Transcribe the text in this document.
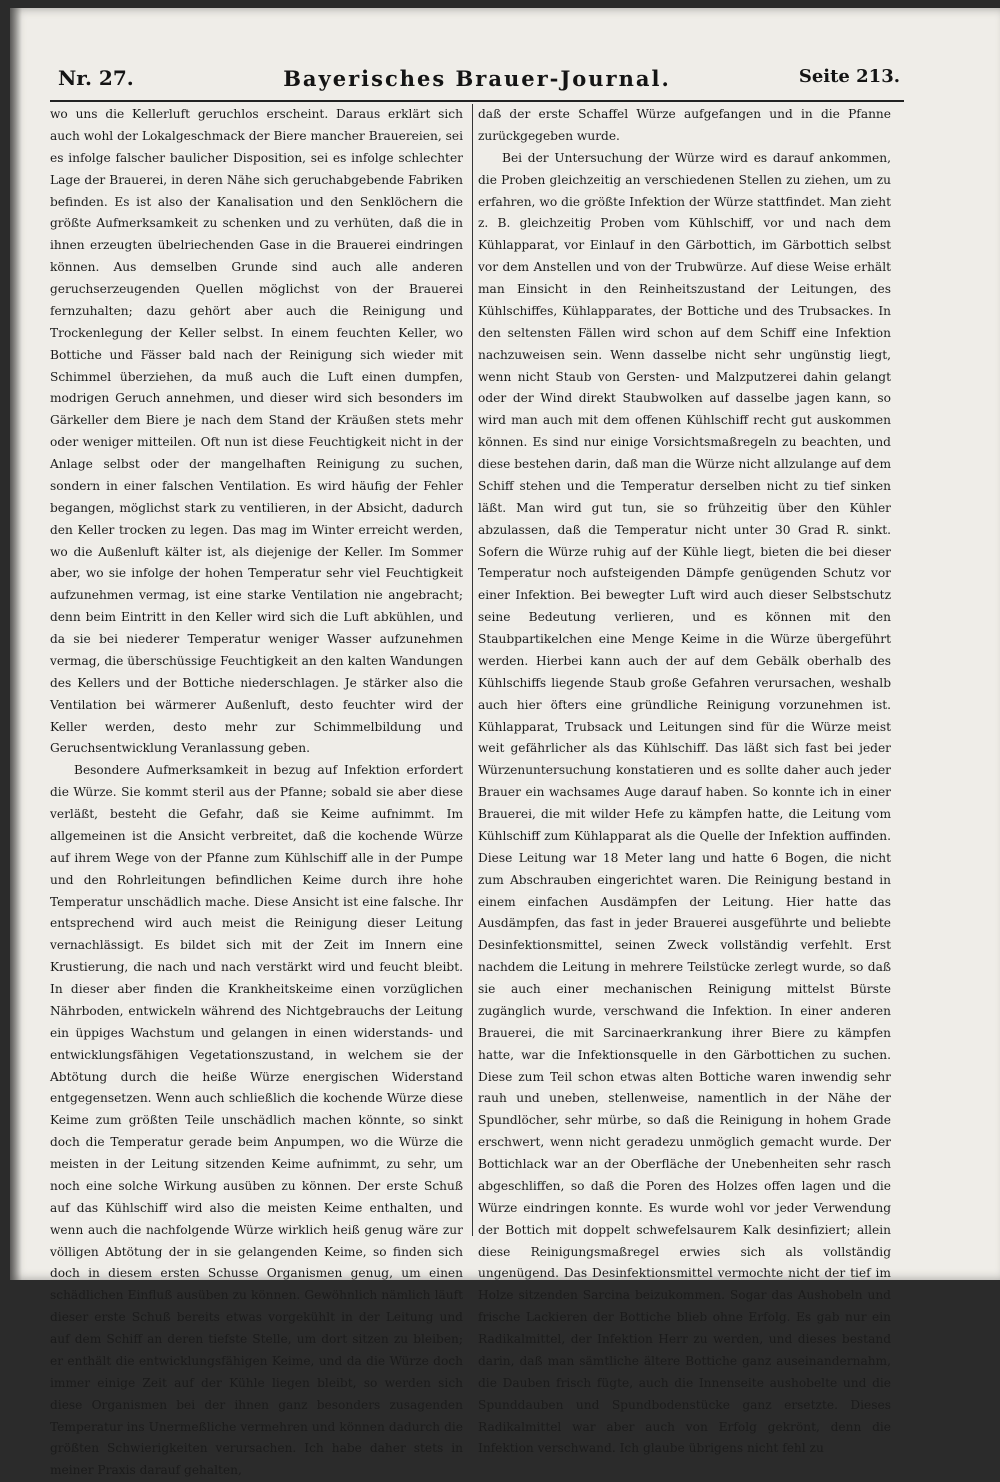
Nr. 27.	Bayerisches Brauer-Journal.	Seite 213.

wo uns die Kellerluft geruchlos erscheint. Daraus erklärt sich auch wohl der Lokalgeschmack der Biere mancher Brauereien, sei es infolge falscher baulicher Disposition, sei es infolge schlechter Lage der Brauerei, in deren Nähe sich geruchabgebende Fabriken befinden. Es ist also der Kanalisation und den Senklöchern die größte Aufmerksamkeit zu schenken und zu verhüten, daß die in ihnen erzeugten übelriechenden Gase in die Brauerei eindringen können. Aus demselben Grunde sind auch alle anderen geruchserzeugenden Quellen möglichst von der Brauerei fernzuhalten; dazu gehört aber auch die Reinigung und Trockenlegung der Keller selbst. In einem feuchten Keller, wo Bottiche und Fässer bald nach der Reinigung sich wieder mit Schimmel überziehen, da muß auch die Luft einen dumpfen, modrigen Geruch annehmen, und dieser wird sich besonders im Gärkeller dem Biere je nach dem Stand der Kräußen stets mehr oder weniger mitteilen. Oft nun ist diese Feuchtigkeit nicht in der Anlage selbst oder der mangelhaften Reinigung zu suchen, sondern in einer falschen Ventilation. Es wird häufig der Fehler begangen, möglichst stark zu ventilieren, in der Absicht, dadurch den Keller trocken zu legen. Das mag im Winter erreicht werden, wo die Außenluft kälter ist, als diejenige der Keller. Im Sommer aber, wo sie infolge der hohen Temperatur sehr viel Feuchtigkeit aufzunehmen vermag, ist eine starke Ventilation nie angebracht; denn beim Eintritt in den Keller wird sich die Luft abkühlen, und da sie bei niederer Temperatur weniger Wasser aufzunehmen vermag, die überschüssige Feuchtigkeit an den kalten Wandungen des Kellers und der Bottiche niederschlagen. Je stärker also die Ventilation bei wärmerer Außenluft, desto feuchter wird der Keller werden, desto mehr zur Schimmelbildung und Geruchsentwicklung Veranlassung geben.

Besondere Aufmerksamkeit in bezug auf Infektion erfordert die Würze. Sie kommt steril aus der Pfanne; sobald sie aber diese verläßt, besteht die Gefahr, daß sie Keime aufnimmt. Im allgemeinen ist die Ansicht verbreitet, daß die kochende Würze auf ihrem Wege von der Pfanne zum Kühlschiff alle in der Pumpe und den Rohrleitungen befindlichen Keime durch ihre hohe Temperatur unschädlich mache. Diese Ansicht ist eine falsche. Ihr entsprechend wird auch meist die Reinigung dieser Leitung vernachlässigt. Es bildet sich mit der Zeit im Innern eine Krustierung, die nach und nach verstärkt wird und feucht bleibt. In dieser aber finden die Krankheitskeime einen vorzüglichen Nährboden, entwickeln während des Nichtgebrauchs der Leitung ein üppiges Wachstum und gelangen in einen widerstands- und entwicklungsfähigen Vegetationszustand, in welchem sie der Abtötung durch die heiße Würze energischen Widerstand entgegensetzen. Wenn auch schließlich die kochende Würze diese Keime zum größten Teile unschädlich machen könnte, so sinkt doch die Temperatur gerade beim Anpumpen, wo die Würze die meisten in der Leitung sitzenden Keime aufnimmt, zu sehr, um noch eine solche Wirkung ausüben zu können. Der erste Schuß auf das Kühlschiff wird also die meisten Keime enthalten, und wenn auch die nachfolgende Würze wirklich heiß genug wäre zur völligen Abtötung der in sie gelangenden Keime, so finden sich doch in diesem ersten Schusse Organismen genug, um einen schädlichen Einfluß ausüben zu können. Gewöhnlich nämlich läuft dieser erste Schuß bereits etwas vorgekühlt in der Leitung und auf dem Schiff an deren tiefste Stelle, um dort sitzen zu bleiben; er enthält die entwicklungsfähigen Keime, und da die Würze doch immer einige Zeit auf der Kühle liegen bleibt, so werden sich diese Organismen bei der ihnen ganz besonders zusagenden Temperatur ins Unermeßliche vermehren und können dadurch die größten Schwierigkeiten verursachen. Ich habe daher stets in meiner Praxis darauf gehalten,

daß der erste Schaffel Würze aufgefangen und in die Pfanne zurückgegeben wurde.

Bei der Untersuchung der Würze wird es darauf ankommen, die Proben gleichzeitig an verschiedenen Stellen zu ziehen, um zu erfahren, wo die größte Infektion der Würze stattfindet. Man zieht z. B. gleichzeitig Proben vom Kühlschiff, vor und nach dem Kühlapparat, vor Einlauf in den Gärbottich, im Gärbottich selbst vor dem Anstellen und von der Trubwürze. Auf diese Weise erhält man Einsicht in den Reinheitszustand der Leitungen, des Kühlschiffes, Kühlapparates, der Bottiche und des Trubsackes. In den seltensten Fällen wird schon auf dem Schiff eine Infektion nachzuweisen sein. Wenn dasselbe nicht sehr ungünstig liegt, wenn nicht Staub von Gersten- und Malzputzerei dahin gelangt oder der Wind direkt Staubwolken auf dasselbe jagen kann, so wird man auch mit dem offenen Kühlschiff recht gut auskommen können. Es sind nur einige Vorsichtsmaßregeln zu beachten, und diese bestehen darin, daß man die Würze nicht allzulange auf dem Schiff stehen und die Temperatur derselben nicht zu tief sinken läßt. Man wird gut tun, sie so frühzeitig über den Kühler abzulassen, daß die Temperatur nicht unter 30 Grad R. sinkt. Sofern die Würze ruhig auf der Kühle liegt, bieten die bei dieser Temperatur noch aufsteigenden Dämpfe genügenden Schutz vor einer Infektion. Bei bewegter Luft wird auch dieser Selbstschutz seine Bedeutung verlieren, und es können mit den Staubpartikelchen eine Menge Keime in die Würze übergeführt werden. Hierbei kann auch der auf dem Gebälk oberhalb des Kühlschiffs liegende Staub große Gefahren verursachen, weshalb auch hier öfters eine gründliche Reinigung vorzunehmen ist. Kühlapparat, Trubsack und Leitungen sind für die Würze meist weit gefährlicher als das Kühlschiff. Das läßt sich fast bei jeder Würzenuntersuchung konstatieren und es sollte daher auch jeder Brauer ein wachsames Auge darauf haben. So konnte ich in einer Brauerei, die mit wilder Hefe zu kämpfen hatte, die Leitung vom Kühlschiff zum Kühlapparat als die Quelle der Infektion auffinden. Diese Leitung war 18 Meter lang und hatte 6 Bogen, die nicht zum Abschrauben eingerichtet waren. Die Reinigung bestand in einem einfachen Ausdämpfen der Leitung. Hier hatte das Ausdämpfen, das fast in jeder Brauerei ausgeführte und beliebte Desinfektionsmittel, seinen Zweck vollständig verfehlt. Erst nachdem die Leitung in mehrere Teilstücke zerlegt wurde, so daß sie auch einer mechanischen Reinigung mittelst Bürste zugänglich wurde, verschwand die Infektion. In einer anderen Brauerei, die mit Sarcinaerkrankung ihrer Biere zu kämpfen hatte, war die Infektionsquelle in den Gärbottichen zu suchen. Diese zum Teil schon etwas alten Bottiche waren inwendig sehr rauh und uneben, stellenweise, namentlich in der Nähe der Spundlöcher, sehr mürbe, so daß die Reinigung in hohem Grade erschwert, wenn nicht geradezu unmöglich gemacht wurde. Der Bottichlack war an der Oberfläche der Unebenheiten sehr rasch abgeschliffen, so daß die Poren des Holzes offen lagen und die Würze eindringen konnte. Es wurde wohl vor jeder Verwendung der Bottich mit doppelt schwefelsaurem Kalk desinfiziert; allein diese Reinigungsmaßregel erwies sich als vollständig ungenügend. Das Desinfektionsmittel vermochte nicht der tief im Holze sitzenden Sarcina beizukommen. Sogar das Aushobeln und frische Lackieren der Bottiche blieb ohne Erfolg. Es gab nur ein Radikalmittel, der Infektion Herr zu werden, und dieses bestand darin, daß man sämtliche ältere Bottiche ganz auseinandernahm, die Dauben frisch fügte, auch die Innenseite aushobelte und die Spunddauben und Spundbodenstücke ganz ersetzte. Dieses Radikalmittel war aber auch von Erfolg gekrönt, denn die Infektion verschwand. Ich glaube übrigens nicht fehl zu
